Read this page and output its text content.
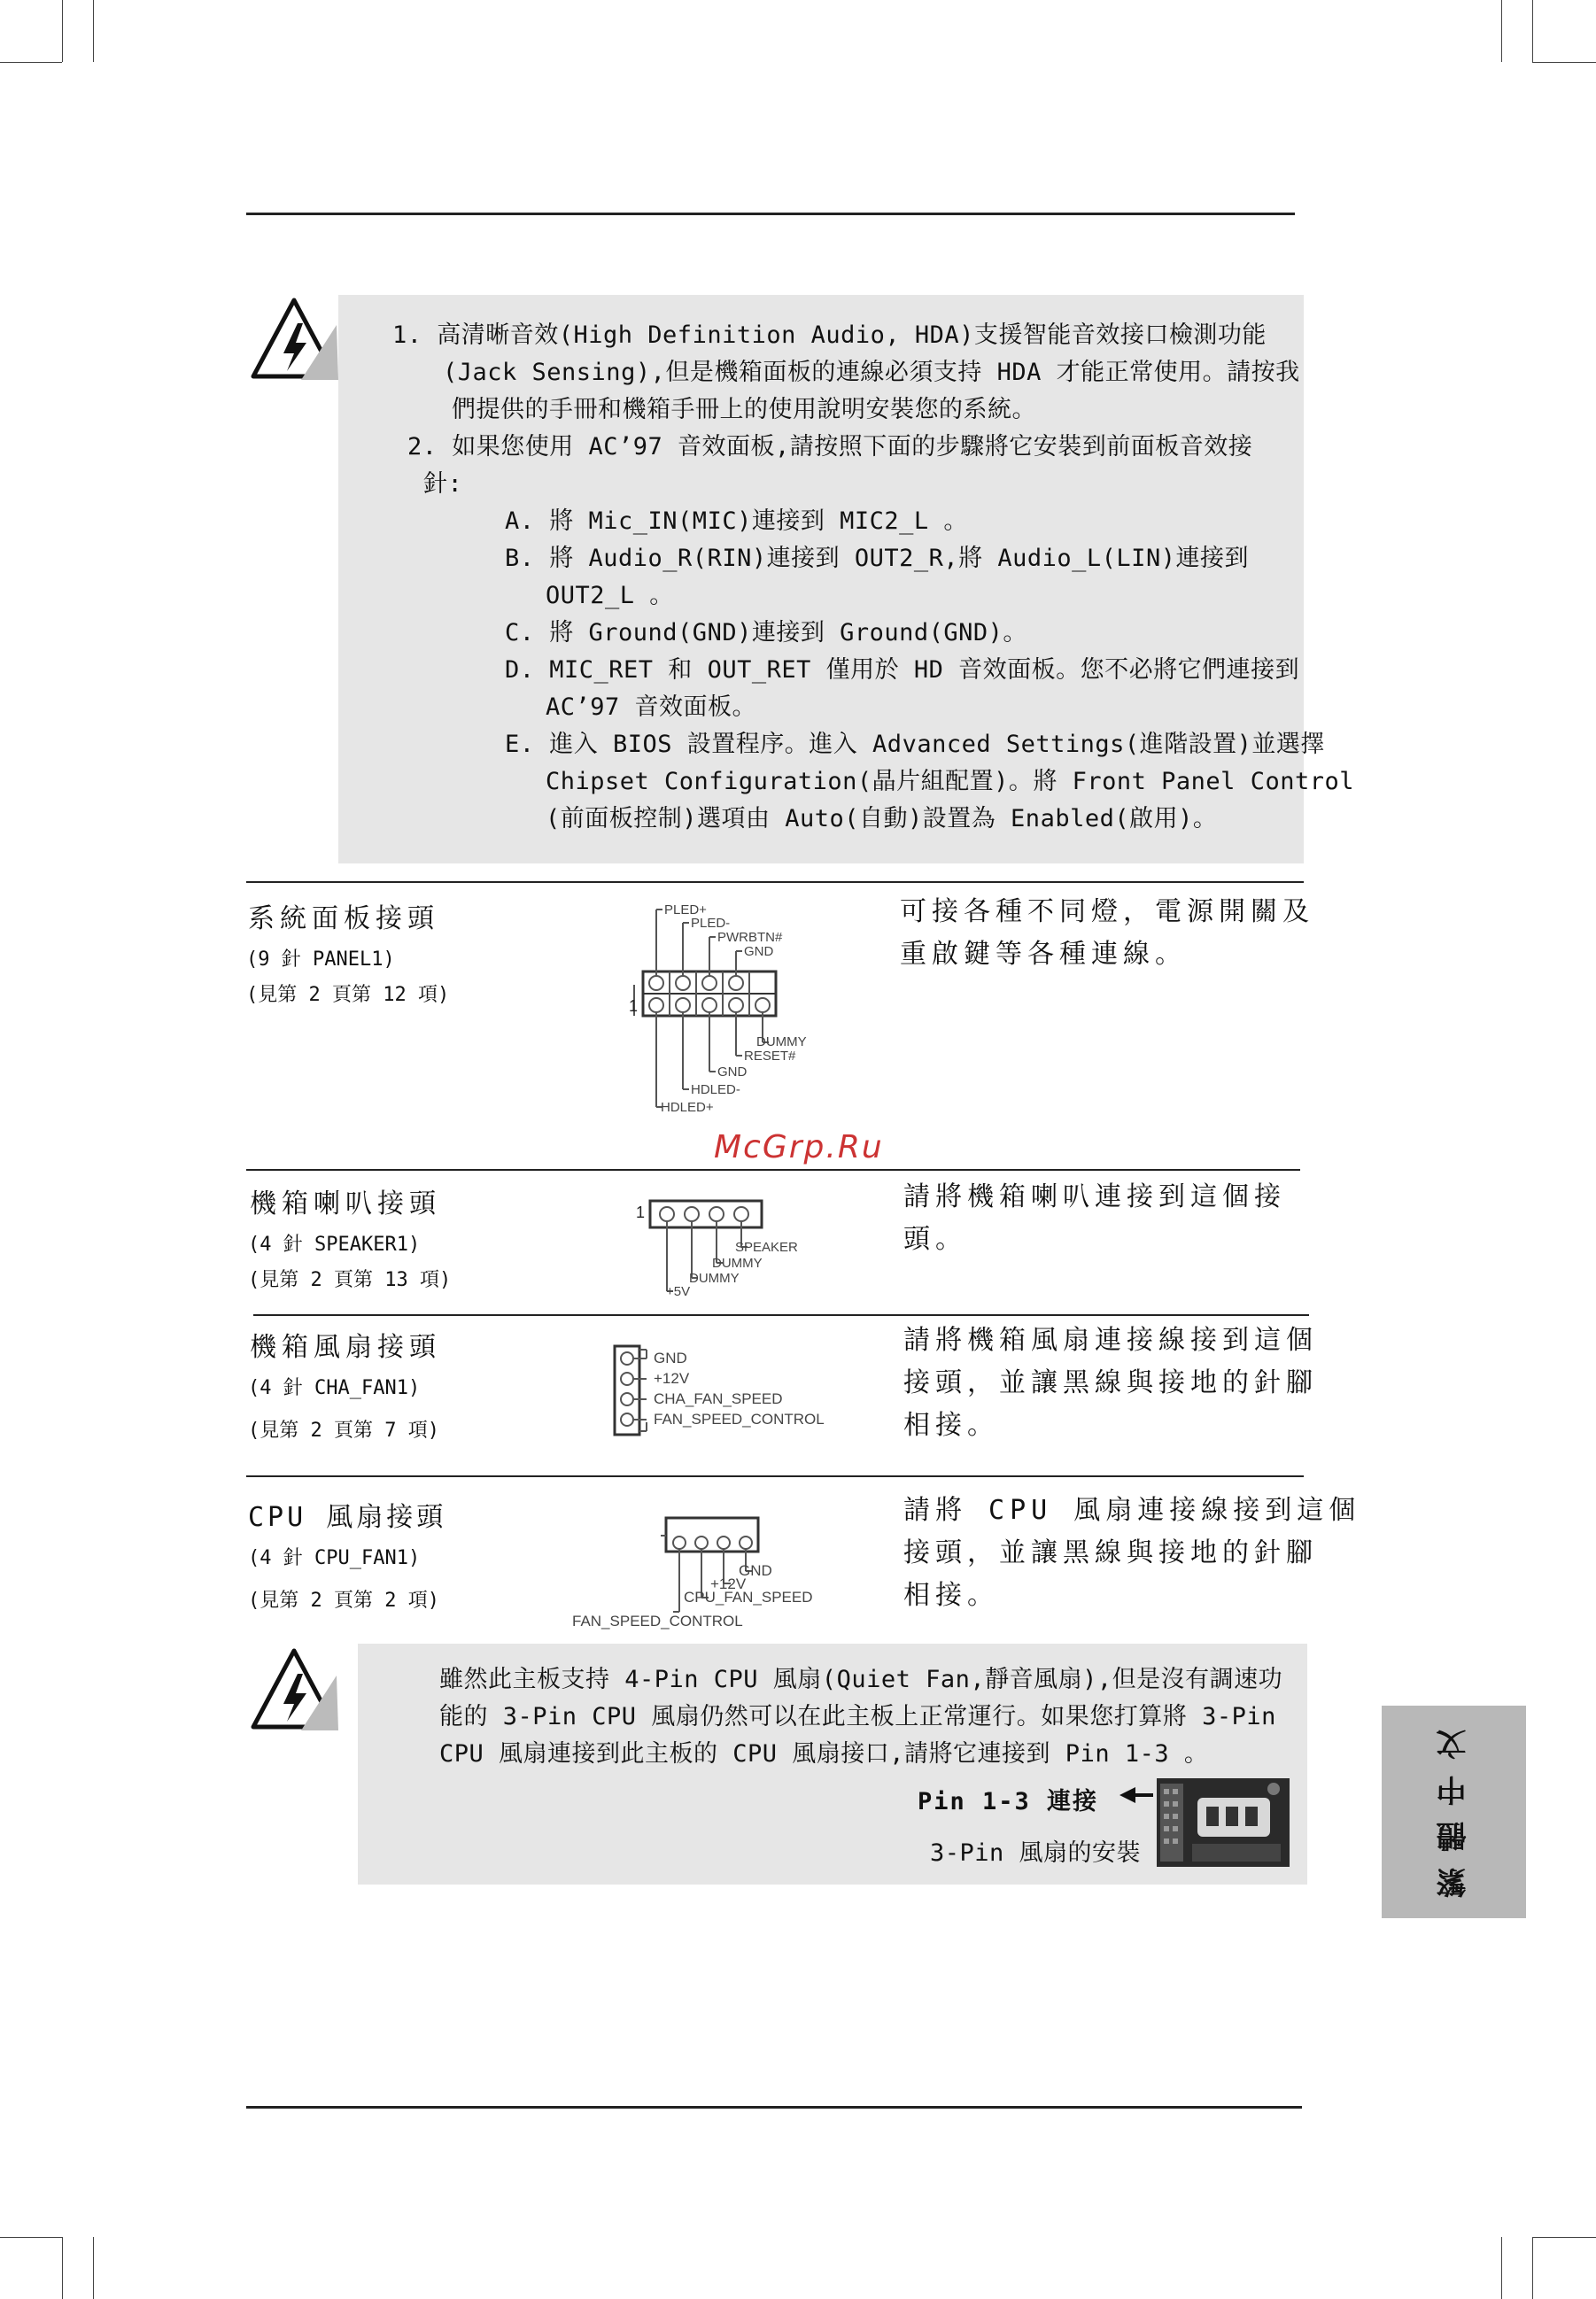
1. 高清晰音效(High Definition Audio, HDA)支援智能音效接口檢測功能
(Jack Sensing),但是機箱面板的連線必須支持 HDA 才能正常使用。請按我
們提供的手冊和機箱手冊上的使用說明安裝您的系統。
2. 如果您使用 AC’97 音效面板,請按照下面的步驟將它安裝到前面板音效接
針:
A. 將 Mic_IN(MIC)連接到 MIC2_L 。
B. 將 Audio_R(RIN)連接到 OUT2_R,將 Audio_L(LIN)連接到
OUT2_L 。
C. 將 Ground(GND)連接到 Ground(GND)。
D. MIC_RET 和 OUT_RET 僅用於 HD 音效面板。您不必將它們連接到
AC’97 音效面板。
E. 進入 BIOS 設置程序。進入 Advanced Settings(進階設置)並選擇
Chipset Configuration(晶片組配置)。將 Front Panel Control
(前面板控制)選項由 Auto(自動)設置為 Enabled(啟用)。
系統面板接頭
(9 針 PANEL1)
(見第 2 頁第 12 項)
可接各種不同燈，電源開關及
重啟鍵等各種連線。
PLED+
PLED-
PWRBTN#
GND
1
DUMMY
RESET#
GND
HDLED-
HDLED+
McGrp.Ru
機箱喇叭接頭
(4 針 SPEAKER1)
(見第 2 頁第 13 項)
請將機箱喇叭連接到這個接
頭。
1
SPEAKER
DUMMY
DUMMY
+5V
機箱風扇接頭
(4 針 CHA_FAN1)
(見第 2 頁第 7 項)
請將機箱風扇連接線接到這個
接頭，並讓黑線與接地的針腳
相接。
GND
+12V
CHA_FAN_SPEED
FAN_SPEED_CONTROL
CPU 風扇接頭
(4 針 CPU_FAN1)
(見第 2 頁第 2 項)
請將 CPU 風扇連接線接到這個
接頭，並讓黑線與接地的針腳
相接。
GND
+12V
CPU_FAN_SPEED
FAN_SPEED_CONTROL
雖然此主板支持 4-Pin CPU 風扇(Quiet Fan,靜音風扇),但是沒有調速功
能的 3-Pin CPU 風扇仍然可以在此主板上正常運行。如果您打算將 3-Pin
CPU 風扇連接到此主板的 CPU 風扇接口,請將它連接到 Pin 1-3 。
Pin 1-3 連接
3-Pin 風扇的安裝	繁體中文
